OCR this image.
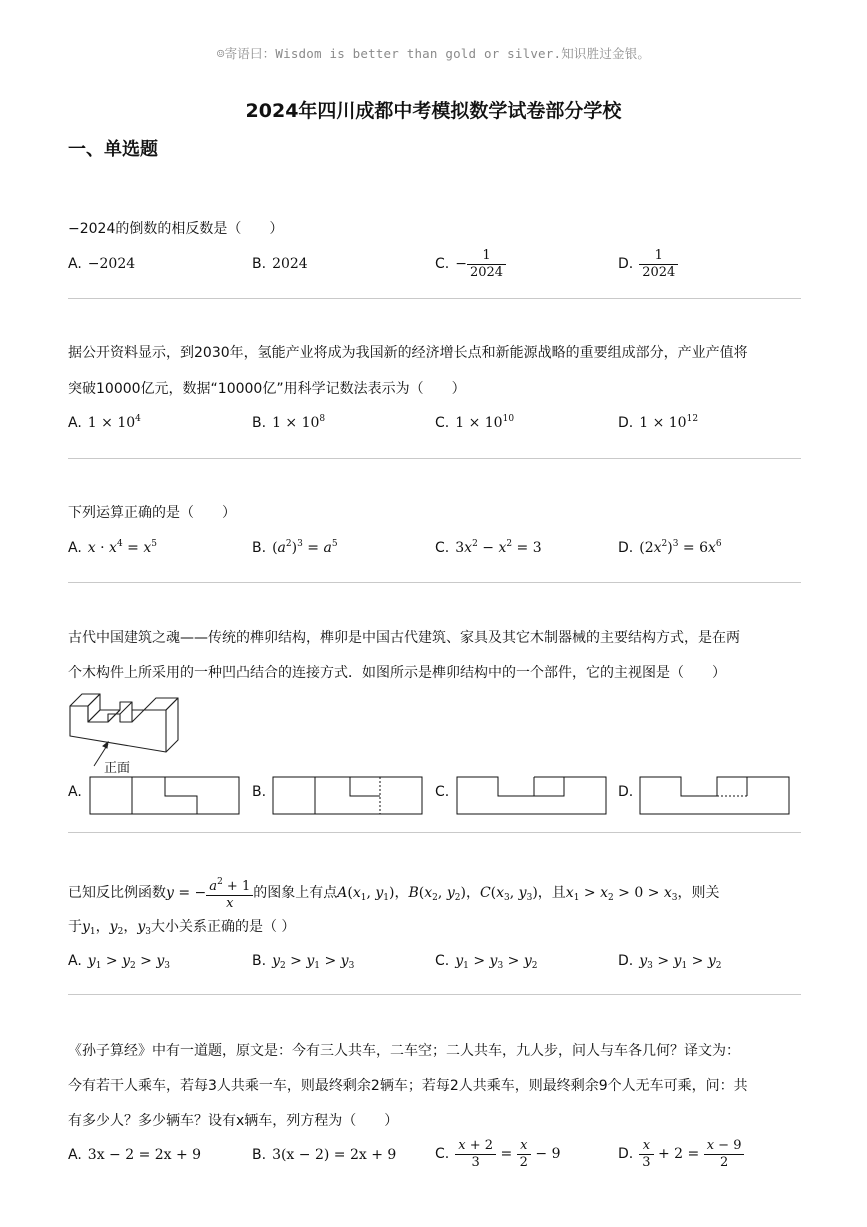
☺寄语曰：Wisdom is better than gold or silver.知识胜过金银。
2024年四川成都中考模拟数学试卷部分学校
一、单选题
−2024的倒数的相反数是（　　）
A. −2024	B. 2024	C. − $\frac{1}{2024}$	D. $\frac{1}{2024}$
据公开资料显示，到2030年，氢能产业将成为我国新的经济增长点和新能源战略的重要组成部分，产业产值将
突破10000亿元，数据“10000亿”用科学记数法表示为（　　）
A. $1 \times 10^4$	B. $1 \times 10^8$	C. $1 \times 10^{10}$	D. $1 \times 10^{12}$
下列运算正确的是（　　）
A. $x \cdot x^4 = x^5$	B. $(a^2)^3 = a^5$	C. $3x^2 - x^2 = 3$	D. $(2x^2)^3 = 6x^6$
古代中国建筑之魂——传统的榫卯结构，榫卯是中国古代建筑、家具及其它木制器械的主要结构方式，是在两
个木构件上所采用的一种凹凸结合的连接方式．如图所示是榫卯结构中的一个部件，它的主视图是（　　）
正面
A.	B.	C.	D.
已知反比例函数y = − $\frac{a^2 + 1}{x}$ 的图象上有点$A(x_1$, $y_1$)，$B(x_2$, $y_2$)，$C(x_3$, $y_3$)，且$x_1 > x_2 > 0 > x_3$，则关
于$y_1$，$y_2$，$y_3$大小关系正确的是（ ）
A. $y_1 > y_2 > y_3$	B. $y_2 > y_1 > y_3$	C. $y_1 > y_3 > y_2$	D. $y_3 > y_1 > y_2$
《孙子算经》中有一道题，原文是：今有三人共车，二车空；二人共车，九人步，问人与车各几何？译文为：
今有若干人乘车，若每3人共乘一车，则最终剩余2辆车；若每2人共乘车，则最终剩余9个人无车可乘，问：共
有多少人？多少辆车？设有x辆车，列方程为（　　）
A. 3x − 2 = 2x + 9	B. 3(x − 2) = 2x + 9	C. $\frac{x + 2}{3} = \frac{x}{2} - 9$	D. $\frac{x}{3} + 2 = \frac{x - 9}{2}$
